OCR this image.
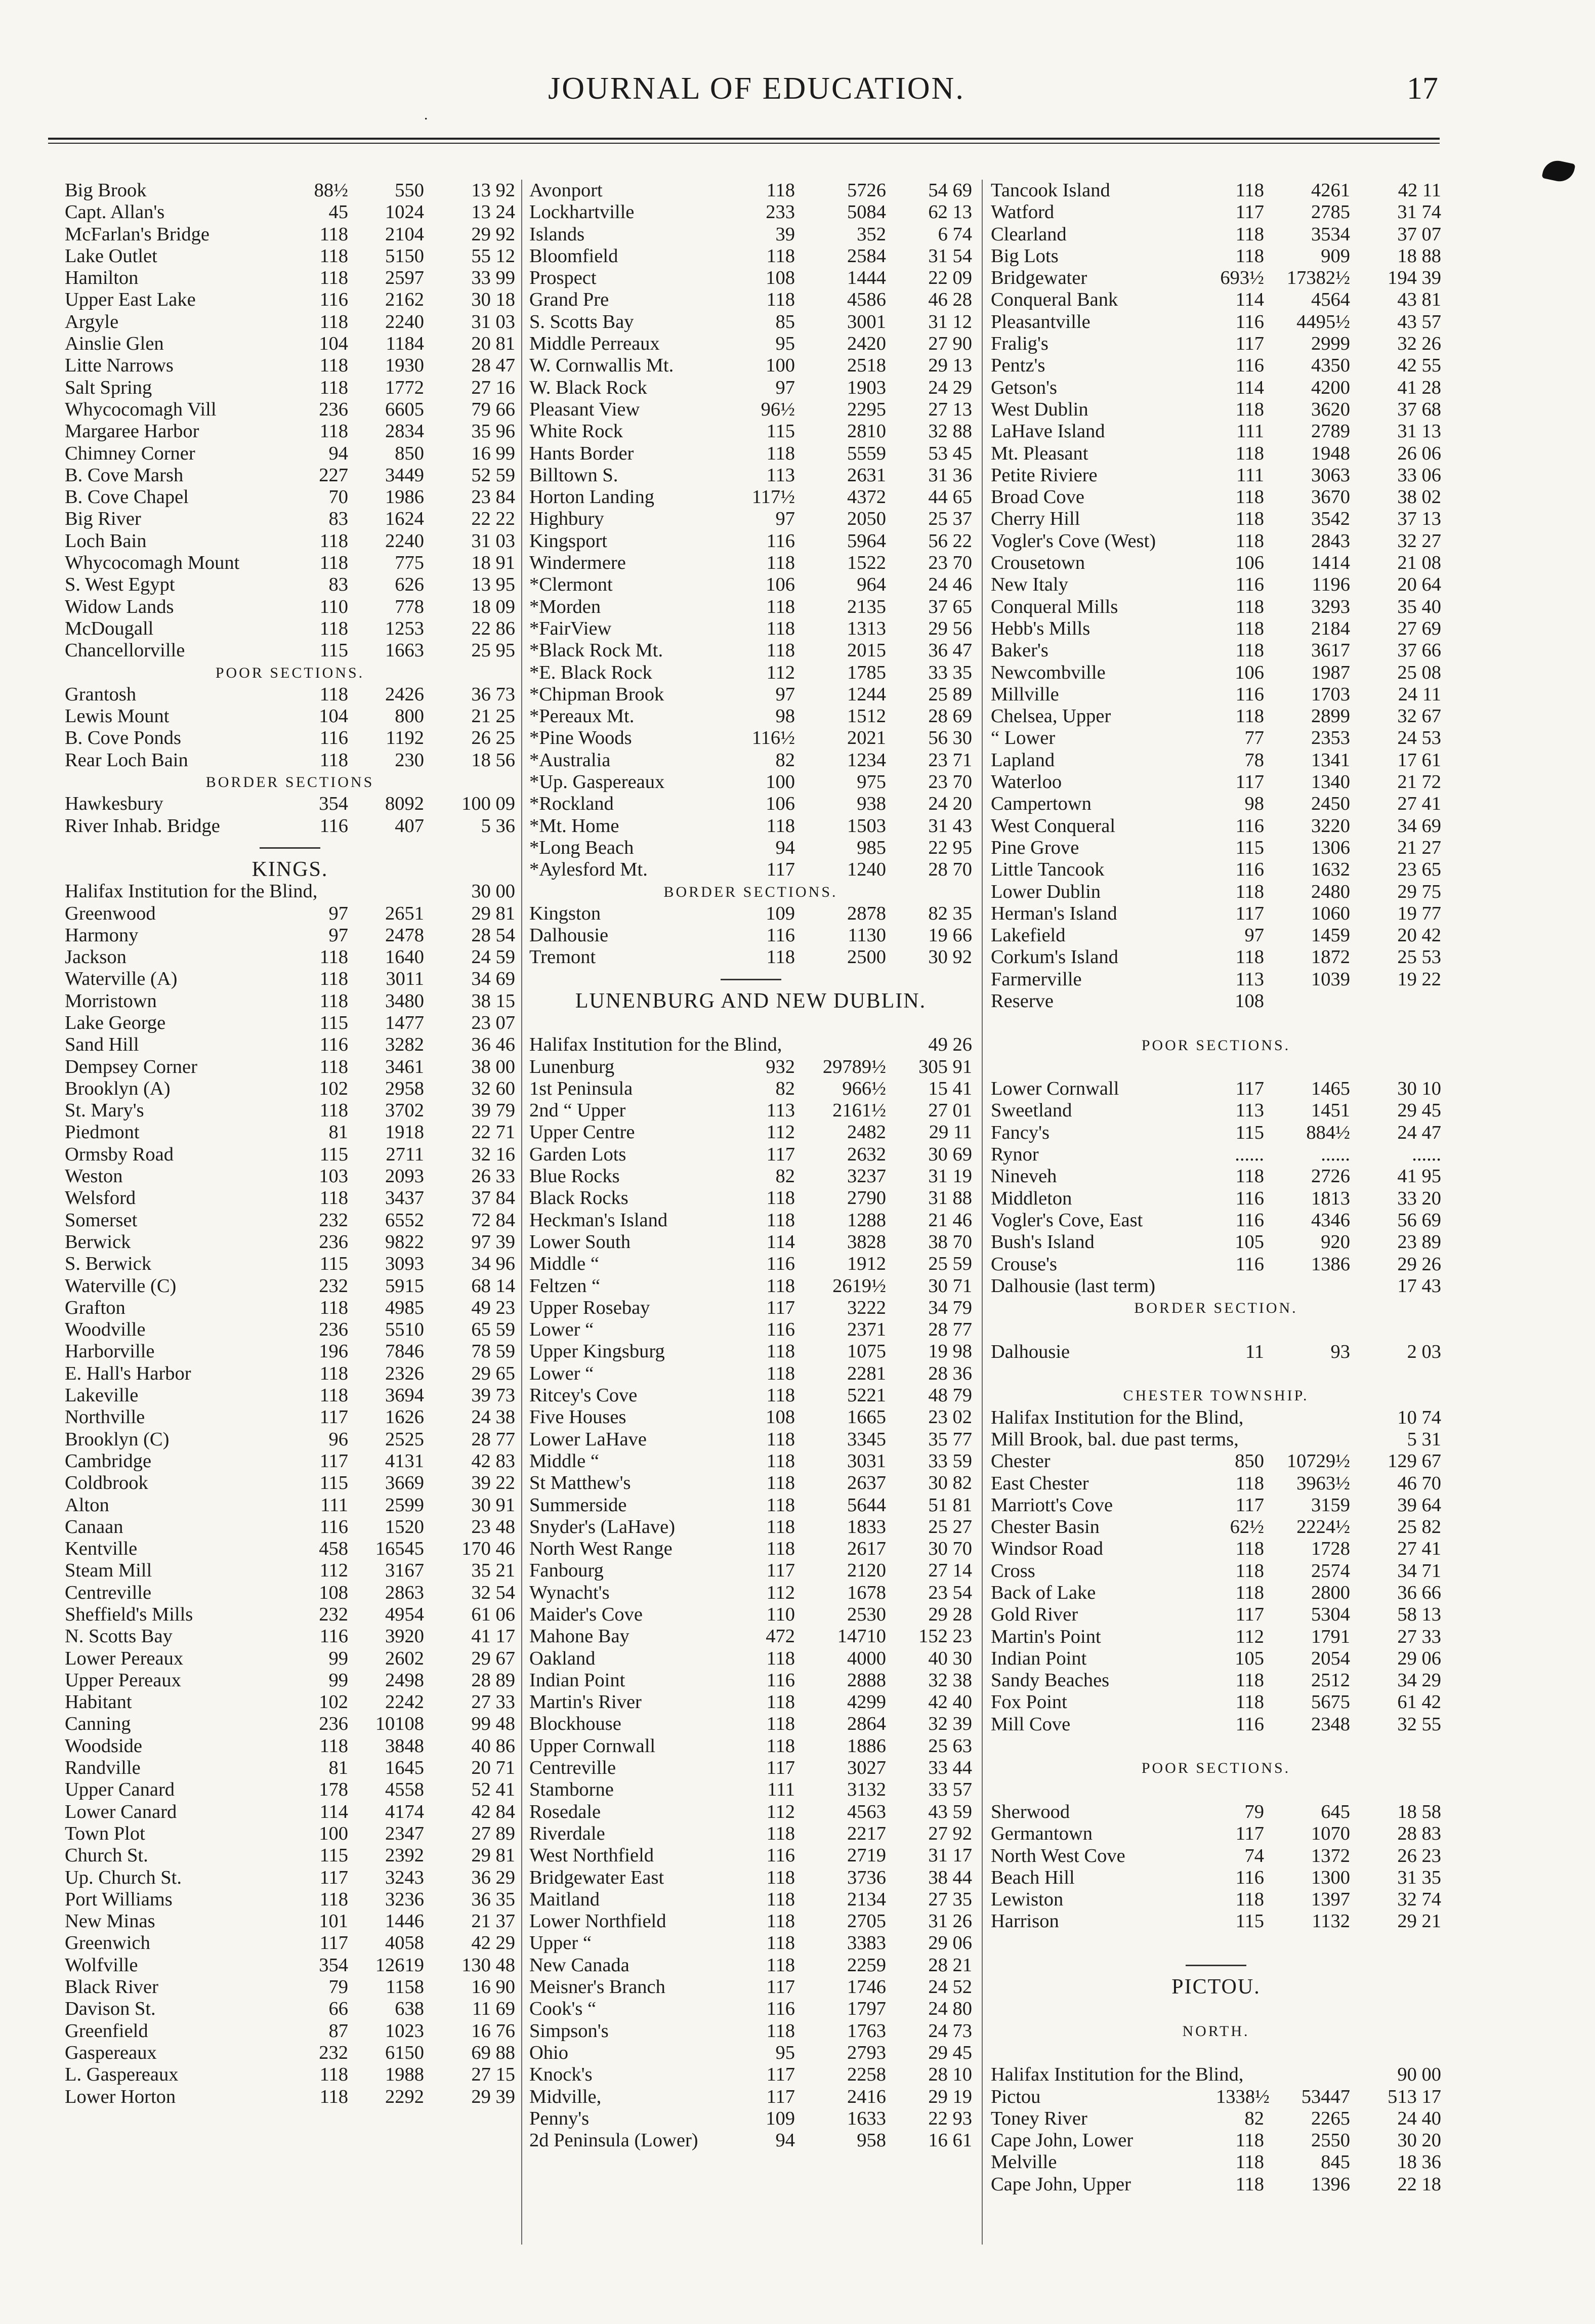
.
JOURNAL OF EDUCATION.	17
Big Brook	88½	550	13 92
Capt. Allan's	45	1024	13 24
McFarlan's Bridge	118	2104	29 92
Lake Outlet	118	5150	55 12
Hamilton	118	2597	33 99
Upper East Lake	116	2162	30 18
Argyle	118	2240	31 03
Ainslie Glen	104	1184	20 81
Litte Narrows	118	1930	28 47
Salt Spring	118	1772	27 16
Whycocomagh Vill	236	6605	79 66
Margaree Harbor	118	2834	35 96
Chimney Corner	94	850	16 99
B. Cove Marsh	227	3449	52 59
B. Cove Chapel	70	1986	23 84
Big River	83	1624	22 22
Loch Bain	118	2240	31 03
Whycocomagh Mount	118	775	18 91
S. West Egypt	83	626	13 95
Widow Lands	110	778	18 09
McDougall	118	1253	22 86
Chancellorville	115	1663	25 95
POOR SECTIONS.
Grantosh	118	2426	36 73
Lewis Mount	104	800	21 25
B. Cove Ponds	116	1192	26 25
Rear Loch Bain	118	230	18 56
BORDER SECTIONS
Hawkesbury	354	8092	100 09
River Inhab. Bridge	116	407	5 36
KINGS.
Halifax Institution for the Blind,	30 00
Greenwood	97	2651	29 81
Harmony	97	2478	28 54
Jackson	118	1640	24 59
Waterville (A)	118	3011	34 69
Morristown	118	3480	38 15
Lake George	115	1477	23 07
Sand Hill	116	3282	36 46
Dempsey Corner	118	3461	38 00
Brooklyn (A)	102	2958	32 60
St. Mary's	118	3702	39 79
Piedmont	81	1918	22 71
Ormsby Road	115	2711	32 16
Weston	103	2093	26 33
Welsford	118	3437	37 84
Somerset	232	6552	72 84
Berwick	236	9822	97 39
S. Berwick	115	3093	34 96
Waterville (C)	232	5915	68 14
Grafton	118	4985	49 23
Woodville	236	5510	65 59
Harborville	196	7846	78 59
E. Hall's Harbor	118	2326	29 65
Lakeville	118	3694	39 73
Northville	117	1626	24 38
Brooklyn (C)	96	2525	28 77
Cambridge	117	4131	42 83
Coldbrook	115	3669	39 22
Alton	111	2599	30 91
Canaan	116	1520	23 48
Kentville	458	16545	170 46
Steam Mill	112	3167	35 21
Centreville	108	2863	32 54
Sheffield's Mills	232	4954	61 06
N. Scotts Bay	116	3920	41 17
Lower Pereaux	99	2602	29 67
Upper Pereaux	99	2498	28 89
Habitant	102	2242	27 33
Canning	236	10108	99 48
Woodside	118	3848	40 86
Randville	81	1645	20 71
Upper Canard	178	4558	52 41
Lower Canard	114	4174	42 84
Town Plot	100	2347	27 89
Church St.	115	2392	29 81
Up. Church St.	117	3243	36 29
Port Williams	118	3236	36 35
New Minas	101	1446	21 37
Greenwich	117	4058	42 29
Wolfville	354	12619	130 48
Black River	79	1158	16 90
Davison St.	66	638	11 69
Greenfield	87	1023	16 76
Gaspereaux	232	6150	69 88
L. Gaspereaux	118	1988	27 15
Lower Horton	118	2292	29 39
Avonport	118	5726	54 69
Lockhartville	233	5084	62 13
Islands	39	352	6 74
Bloomfield	118	2584	31 54
Prospect	108	1444	22 09
Grand Pre	118	4586	46 28
S. Scotts Bay	85	3001	31 12
Middle Perreaux	95	2420	27 90
W. Cornwallis Mt.	100	2518	29 13
W. Black Rock	97	1903	24 29
Pleasant View	96½	2295	27 13
White Rock	115	2810	32 88
Hants Border	118	5559	53 45
Billtown S.	113	2631	31 36
Horton Landing	117½	4372	44 65
Highbury	97	2050	25 37
Kingsport	116	5964	56 22
Windermere	118	1522	23 70
*Clermont	106	964	24 46
*Morden	118	2135	37 65
*FairView	118	1313	29 56
*Black Rock Mt.	118	2015	36 47
*E. Black Rock	112	1785	33 35
*Chipman Brook	97	1244	25 89
*Pereaux Mt.	98	1512	28 69
*Pine Woods	116½	2021	56 30
*Australia	82	1234	23 71
*Up. Gaspereaux	100	975	23 70
*Rockland	106	938	24 20
*Mt. Home	118	1503	31 43
*Long Beach	94	985	22 95
*Aylesford Mt.	117	1240	28 70
BORDER SECTIONS.
Kingston	109	2878	82 35
Dalhousie	116	1130	19 66
Tremont	118	2500	30 92
LUNENBURG AND NEW DUBLIN.
Halifax Institution for the Blind,	49 26
Lunenburg	932	29789½	305 91
1st Peninsula	82	966½	15 41
2nd “ Upper	113	2161½	27 01
Upper Centre	112	2482	29 11
Garden Lots	117	2632	30 69
Blue Rocks	82	3237	31 19
Black Rocks	118	2790	31 88
Heckman's Island	118	1288	21 46
Lower South	114	3828	38 70
Middle “	116	1912	25 59
Feltzen “	118	2619½	30 71
Upper Rosebay	117	3222	34 79
Lower “	116	2371	28 77
Upper Kingsburg	118	1075	19 98
Lower “	118	2281	28 36
Ritcey's Cove	118	5221	48 79
Five Houses	108	1665	23 02
Lower LaHave	118	3345	35 77
Middle “	118	3031	33 59
St Matthew's	118	2637	30 82
Summerside	118	5644	51 81
Snyder's (LaHave)	118	1833	25 27
North West Range	118	2617	30 70
Fanbourg	117	2120	27 14
Wynacht's	112	1678	23 54
Maider's Cove	110	2530	29 28
Mahone Bay	472	14710	152 23
Oakland	118	4000	40 30
Indian Point	116	2888	32 38
Martin's River	118	4299	42 40
Blockhouse	118	2864	32 39
Upper Cornwall	118	1886	25 63
Centreville	117	3027	33 44
Stamborne	111	3132	33 57
Rosedale	112	4563	43 59
Riverdale	118	2217	27 92
West Northfield	116	2719	31 17
Bridgewater East	118	3736	38 44
Maitland	118	2134	27 35
Lower Northfield	118	2705	31 26
Upper “	118	3383	29 06
New Canada	118	2259	28 21
Meisner's Branch	117	1746	24 52
Cook's “	116	1797	24 80
Simpson's	118	1763	24 73
Ohio	95	2793	29 45
Knock's	117	2258	28 10
Midville,	117	2416	29 19
Penny's	109	1633	22 93
2d Peninsula (Lower)	94	958	16 61
Tancook Island	118	4261	42 11
Watford	117	2785	31 74
Clearland	118	3534	37 07
Big Lots	118	909	18 88
Bridgewater	693½	17382½	194 39
Conqueral Bank	114	4564	43 81
Pleasantville	116	4495½	43 57
Fralig's	117	2999	32 26
Pentz's	116	4350	42 55
Getson's	114	4200	41 28
West Dublin	118	3620	37 68
LaHave Island	111	2789	31 13
Mt. Pleasant	118	1948	26 06
Petite Riviere	111	3063	33 06
Broad Cove	118	3670	38 02
Cherry Hill	118	3542	37 13
Vogler's Cove (West)	118	2843	32 27
Crousetown	106	1414	21 08
New Italy	116	1196	20 64
Conqueral Mills	118	3293	35 40
Hebb's Mills	118	2184	27 69
Baker's	118	3617	37 66
Newcombville	106	1987	25 08
Millville	116	1703	24 11
Chelsea, Upper	118	2899	32 67
“ Lower	77	2353	24 53
Lapland	78	1341	17 61
Waterloo	117	1340	21 72
Campertown	98	2450	27 41
West Conqueral	116	3220	34 69
Pine Grove	115	1306	21 27
Little Tancook	116	1632	23 65
Lower Dublin	118	2480	29 75
Herman's Island	117	1060	19 77
Lakefield	97	1459	20 42
Corkum's Island	118	1872	25 53
Farmerville	113	1039	19 22
Reserve	108
POOR SECTIONS.
Lower Cornwall	117	1465	30 10
Sweetland	113	1451	29 45
Fancy's	115	884½	24 47
Rynor	......	......	......
Nineveh	118	2726	41 95
Middleton	116	1813	33 20
Vogler's Cove, East	116	4346	56 69
Bush's Island	105	920	23 89
Crouse's	116	1386	29 26
Dalhousie (last term)	17 43
BORDER SECTION.
Dalhousie	11	93	2 03
CHESTER TOWNSHIP.
Halifax Institution for the Blind,	10 74
Mill Brook, bal. due past terms,	5 31
Chester	850	10729½	129 67
East Chester	118	3963½	46 70
Marriott's Cove	117	3159	39 64
Chester Basin	62½	2224½	25 82
Windsor Road	118	1728	27 41
Cross	118	2574	34 71
Back of Lake	118	2800	36 66
Gold River	117	5304	58 13
Martin's Point	112	1791	27 33
Indian Point	105	2054	29 06
Sandy Beaches	118	2512	34 29
Fox Point	118	5675	61 42
Mill Cove	116	2348	32 55
POOR SECTIONS.
Sherwood	79	645	18 58
Germantown	117	1070	28 83
North West Cove	74	1372	26 23
Beach Hill	116	1300	31 35
Lewiston	118	1397	32 74
Harrison	115	1132	29 21
PICTOU.
NORTH.
Halifax Institution for the Blind,	90 00
Pictou	1338½	53447	513 17
Toney River	82	2265	24 40
Cape John, Lower	118	2550	30 20
Melville	118	845	18 36
Cape John, Upper	118	1396	22 18
